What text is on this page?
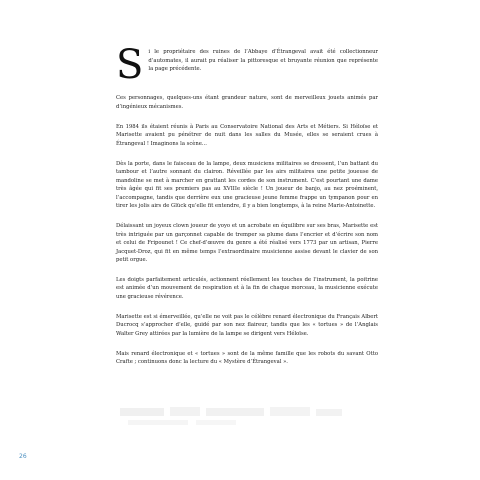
S i le propriétaire des ruines de l’Abbaye d’Étrangeval avait été collectionneur d’automates, il aurait pu réaliser la pittoresque et bruyante réunion que représente la page précédente.

Ces personnages, quelques-uns étant grandeur nature, sont de merveilleux jouets animés par d’ingénieux mécanismes.

En 1984 ils étaient réunis à Paris au Conservatoire National des Arts et Métiers. Si Héloïse et Marisette avaient pu pénétrer de nuit dans les salles du Musée, elles se seraient crues à Étrangeval ! Imaginons la scène...

Dès la porte, dans le faisceau de la lampe, deux musiciens militaires se dressent, l’un battant du tambour et l’autre sonnant du clairon. Réveillée par les airs militaires une petite joueuse de mandoline se met à marcher en grattant les cordes de son instrument. C’est pourtant une dame très âgée qui fit ses premiers pas au XVIIIe siècle ! Un joueur de banjo, au nez proéminent, l’accompagne, tandis que derrière eux une gracieuse jeune femme frappe un tympanon pour en tirer les jolis airs de Glück qu’elle fit entendre, il y a bien longtemps, à la reine Marie-Antoinette.

Délaissant un joyeux clown joueur de yoyo et un acrobate en équilibre sur ses bras, Marisette est très intriguée par un garçonnet capable de tremper sa plume dans l’encrier et d’écrire son nom et celui de Fripounet ! Ce chef-d’œuvre du genre a été réalisé vers 1773 par un artisan, Pierre Jacquet-Droz, qui fit en même temps l’extraordinaire musicienne assise devant le clavier de son petit orgue.

Les doigts parfaitement articulés, actionnent réellement les touches de l’instrument, la poitrine est animée d’un mouvement de respiration et à la fin de chaque morceau, la musicienne exécute une gracieuse révérence.

Marisette est si émerveillée, qu’elle ne voit pas le célèbre renard électronique du Français Albert Ducrocq s’approcher d’elle, guidé par son nez flaireur, tandis que les « tortues » de l’Anglais Walter Grey attirées par la lumière de la lampe se dirigent vers Héloïse.

Mais renard électronique et « tortues » sont de la même famille que les robots du savant Otto Crafte ; continuons donc la lecture du « Mystère d’Étrangeval ».

26
